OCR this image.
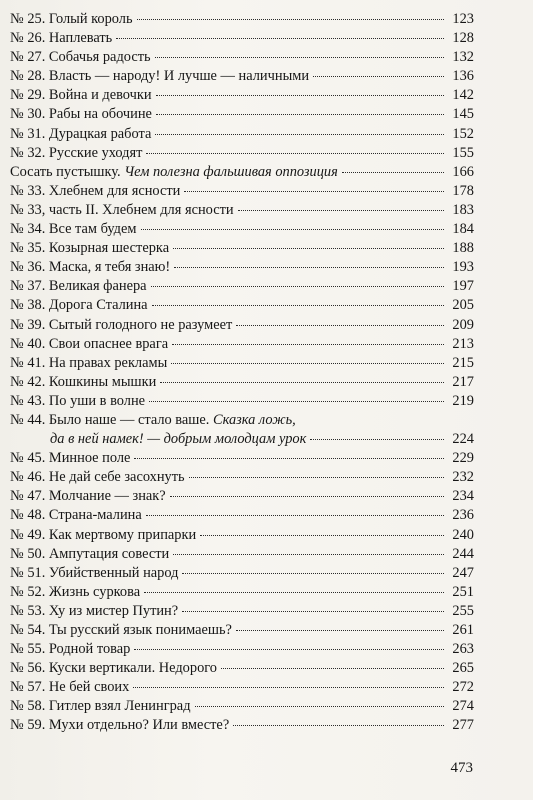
№ 25. Голый король	123
№ 26. Наплевать	128
№ 27. Собачья радость	132
№ 28. Власть — народу! И лучше — наличными	136
№ 29. Война и девочки	142
№ 30. Рабы на обочине	145
№ 31. Дурацкая работа	152
№ 32. Русские уходят	155
Сосать пустышку. Чем полезна фальшивая оппозиция	166
№ 33. Хлебнем для ясности	178
№ 33, часть II. Хлебнем для ясности	183
№ 34. Все там будем	184
№ 35. Козырная шестерка	188
№ 36. Маска, я тебя знаю!	193
№ 37. Великая фанера	197
№ 38. Дорога Сталина	205
№ 39. Сытый голодного не разумеет	209
№ 40. Свои опаснее врага	213
№ 41. На правах рекламы	215
№ 42. Кошкины мышки	217
№ 43. По уши в волне	219
№ 44. Было наше — стало ваше. Сказка ложь,
да в ней намек! — добрым молодцам урок	224
№ 45. Минное поле	229
№ 46. Не дай себе засохнуть	232
№ 47. Молчание — знак?	234
№ 48. Страна-малина	236
№ 49. Как мертвому припарки	240
№ 50. Ампутация совести	244
№ 51. Убийственный народ	247
№ 52. Жизнь суркова	251
№ 53. Ху из мистер Путин?	255
№ 54. Ты русский язык понимаешь?	261
№ 55. Родной товар	263
№ 56. Куски вертикали. Недорого	265
№ 57. Не бей своих	272
№ 58. Гитлер взял Ленинград	274
№ 59. Мухи отдельно? Или вместе?	277
473
